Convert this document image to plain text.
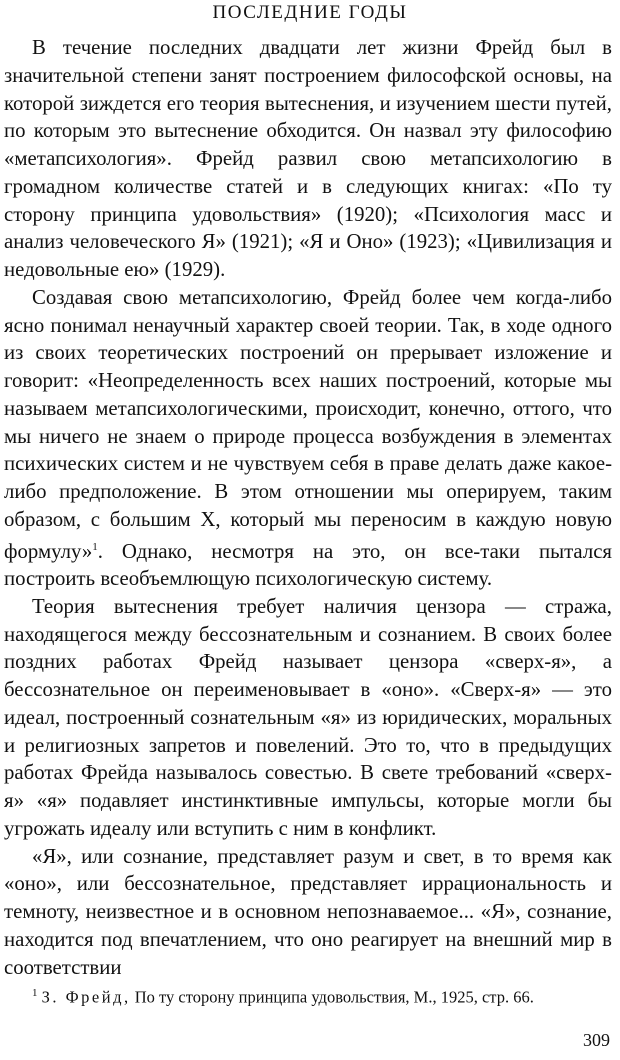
ПОСЛЕДНИЕ ГОДЫ

В течение последних двадцати лет жизни Фрейд был в значительной степени занят построением философской основы, на которой зиждется его теория вытеснения, и изучением шести путей, по которым это вытеснение обходится. Он назвал эту философию «метапсихология». Фрейд развил свою метапсихологию в громадном количестве статей и в следующих книгах: «По ту сторону принципа удовольствия» (1920); «Психология масс и анализ человеческого Я» (1921); «Я и Оно» (1923); «Цивилизация и недовольные ею» (1929).

Создавая свою метапсихологию, Фрейд более чем когда-либо ясно понимал ненаучный характер своей теории. Так, в ходе одного из своих теоретических построений он прерывает изложение и говорит: «Неопределенность всех наших построений, которые мы называем метапсихологическими, происходит, конечно, оттого, что мы ничего не знаем о природе процесса возбуждения в элементах психических систем и не чувствуем себя в праве делать даже какое-либо предположение. В этом отношении мы оперируем, таким образом, с большим Х, который мы переносим в каждую новую формулу»$^1$. Однако, несмотря на это, он все-таки пытался построить всеобъемлющую психологическую систему.

Теория вытеснения требует наличия цензора — стража, находящегося между бессознательным и сознанием. В своих более поздних работах Фрейд называет цензора «сверх-я», а бессознательное он переименовывает в «оно». «Сверх-я» — это идеал, построенный сознательным «я» из юридических, моральных и религиозных запретов и повелений. Это то, что в предыдущих работах Фрейда называлось совестью. В свете требований «сверх-я» «я» подавляет инстинктивные импульсы, которые могли бы угрожать идеалу или вступить с ним в конфликт.

«Я», или сознание, представляет разум и свет, в то время как «оно», или бессознательное, представляет иррациональность и темноту, неизвестное и в основном непознаваемое... «Я», сознание, находится под впечатлением, что оно реагирует на внешний мир в соответствии

$^1$ З. Фрейд, По ту сторону принципа удовольствия, М., 1925, стр. 66.
309
